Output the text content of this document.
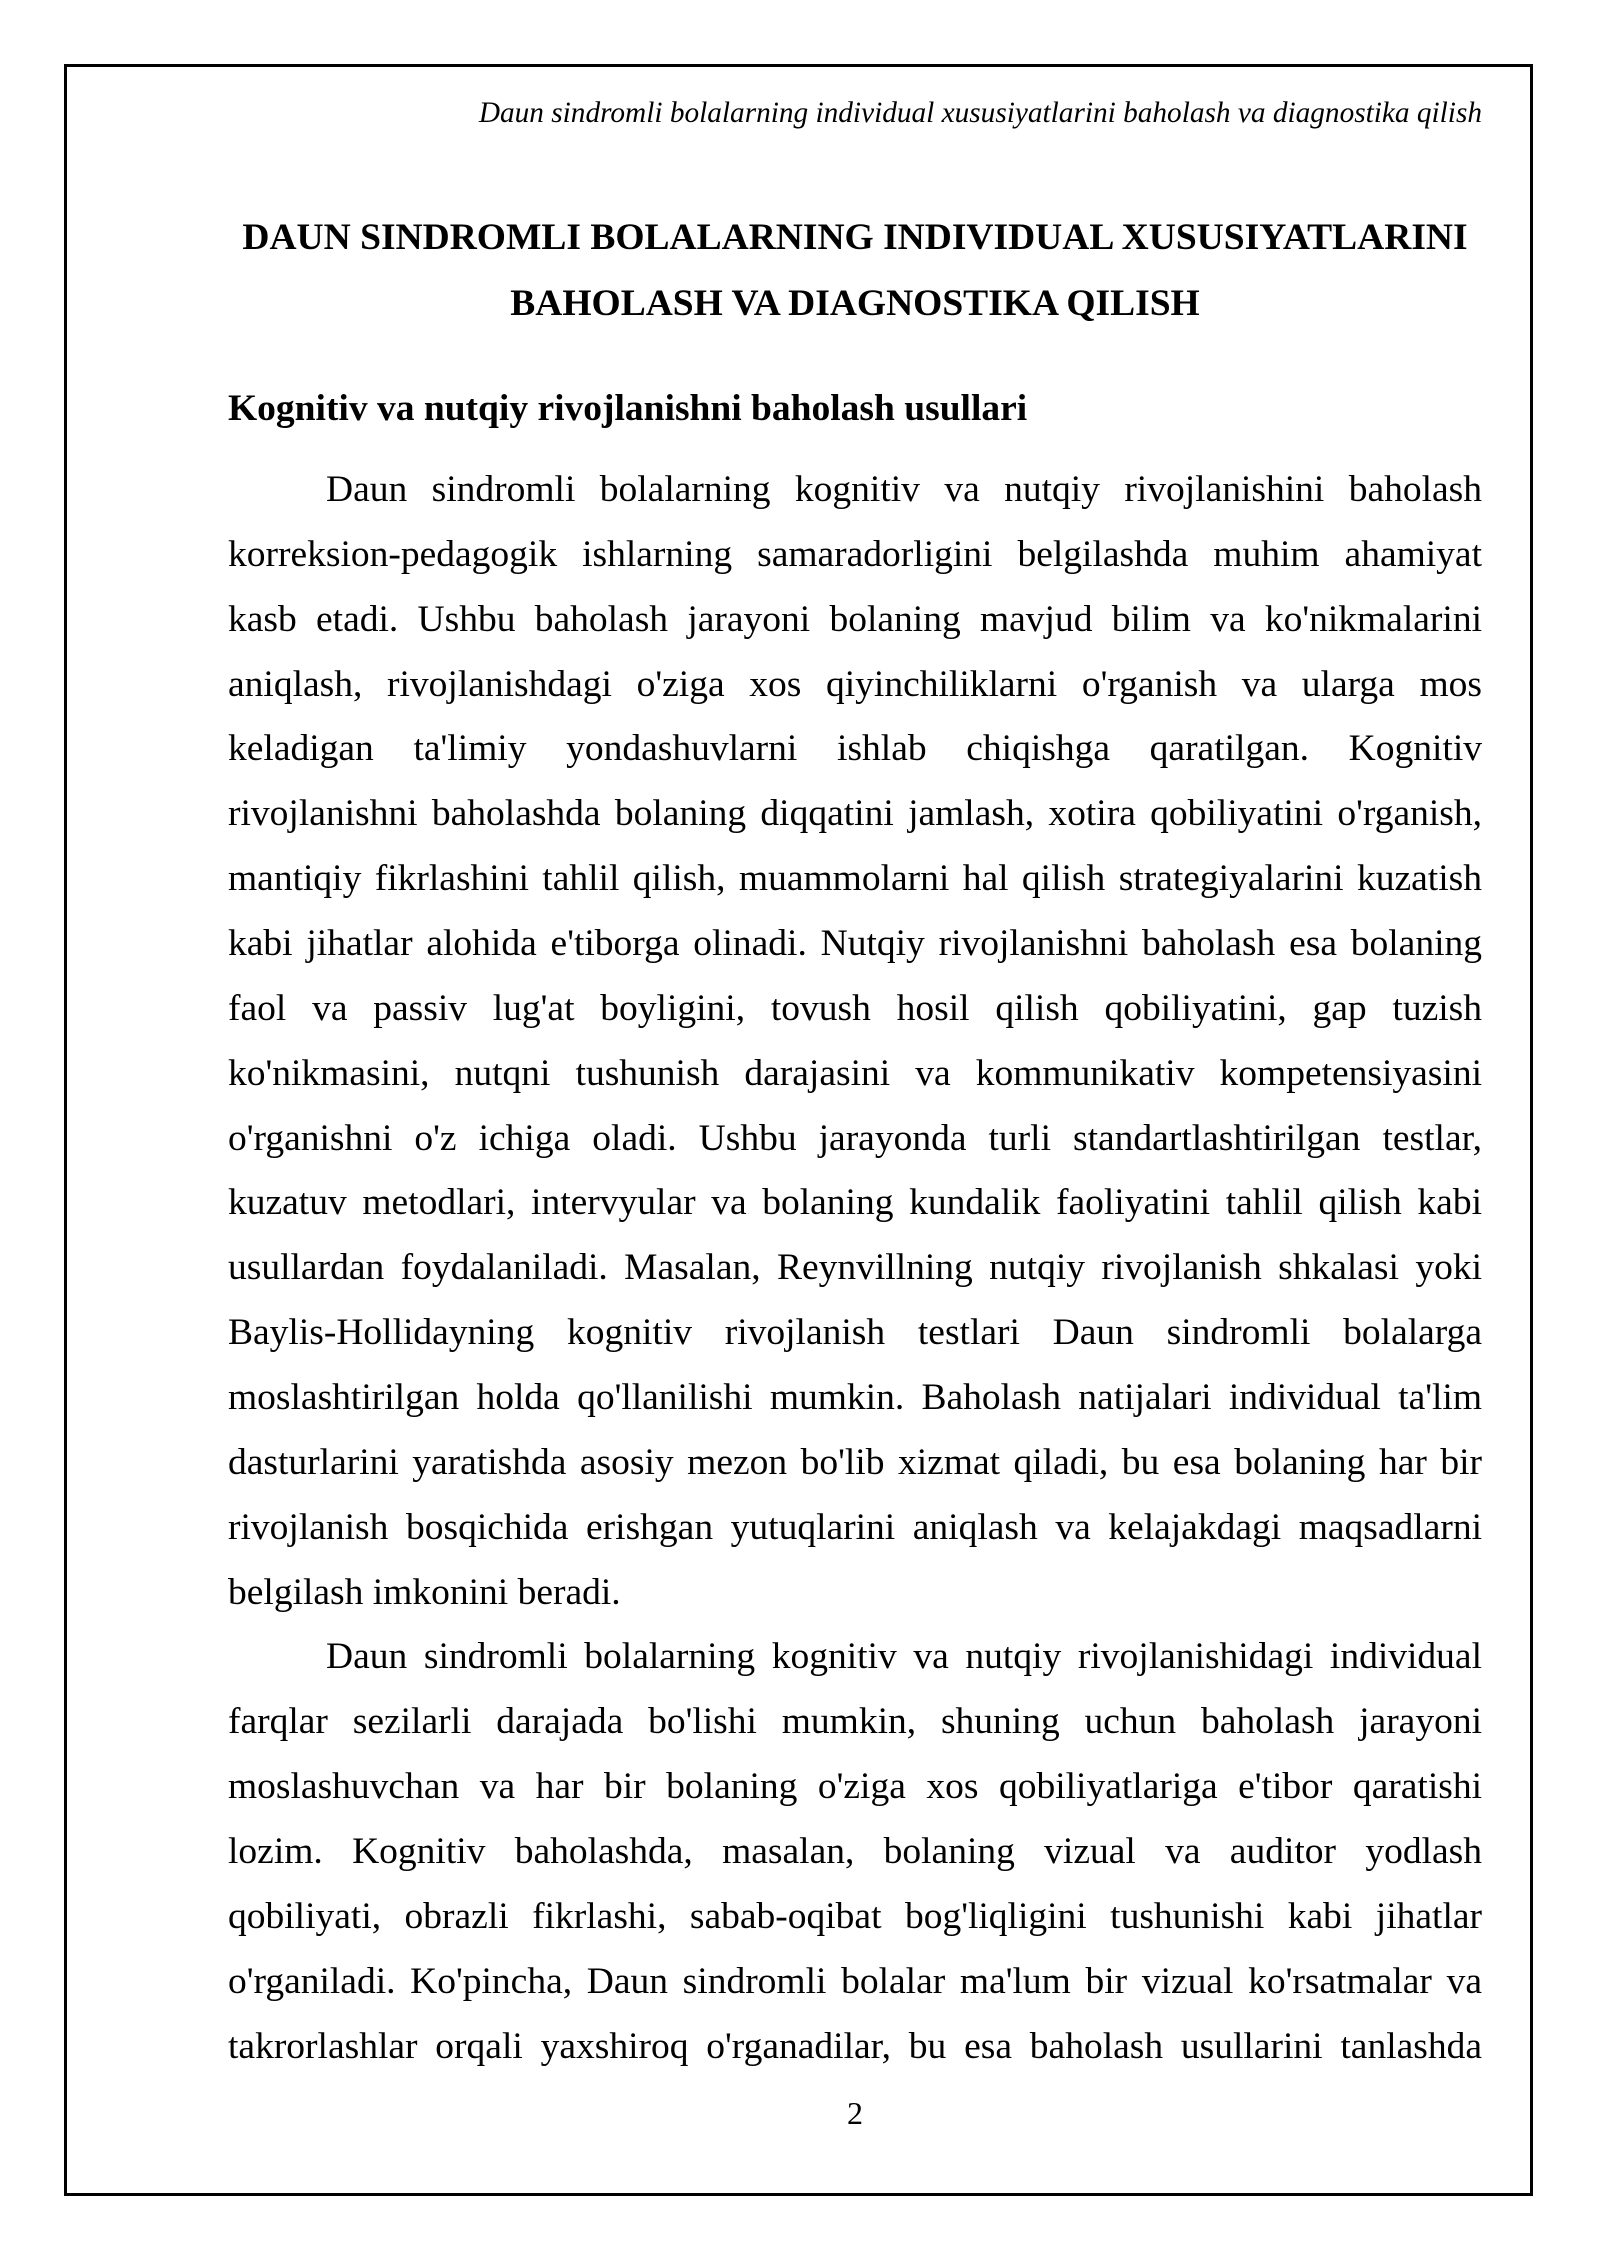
Daun sindromli bolalarning individual xususiyatlarini baholash va diagnostika qilish
DAUN SINDROMLI BOLALARNING INDIVIDUAL XUSUSIYATLARINI
BAHOLASH VA DIAGNOSTIKA QILISH
Kognitiv va nutqiy rivojlanishni baholash usullari
Daun sindromli bolalarning kognitiv va nutqiy rivojlanishini baholash
korreksion-pedagogik ishlarning samaradorligini belgilashda muhim ahamiyat
kasb etadi. Ushbu baholash jarayoni bolaning mavjud bilim va ko'nikmalarini
aniqlash, rivojlanishdagi o'ziga xos qiyinchiliklarni o'rganish va ularga mos
keladigan ta'limiy yondashuvlarni ishlab chiqishga qaratilgan. Kognitiv
rivojlanishni baholashda bolaning diqqatini jamlash, xotira qobiliyatini o'rganish,
mantiqiy fikrlashini tahlil qilish, muammolarni hal qilish strategiyalarini kuzatish
kabi jihatlar alohida e'tiborga olinadi. Nutqiy rivojlanishni baholash esa bolaning
faol va passiv lug'at boyligini, tovush hosil qilish qobiliyatini, gap tuzish
ko'nikmasini, nutqni tushunish darajasini va kommunikativ kompetensiyasini
o'rganishni o'z ichiga oladi. Ushbu jarayonda turli standartlashtirilgan testlar,
kuzatuv metodlari, intervyular va bolaning kundalik faoliyatini tahlil qilish kabi
usullardan foydalaniladi. Masalan, Reynvillning nutqiy rivojlanish shkalasi yoki
Baylis-Hollidayning kognitiv rivojlanish testlari Daun sindromli bolalarga
moslashtirilgan holda qo'llanilishi mumkin. Baholash natijalari individual ta'lim
dasturlarini yaratishda asosiy mezon bo'lib xizmat qiladi, bu esa bolaning har bir
rivojlanish bosqichida erishgan yutuqlarini aniqlash va kelajakdagi maqsadlarni
belgilash imkonini beradi.
Daun sindromli bolalarning kognitiv va nutqiy rivojlanishidagi individual
farqlar sezilarli darajada bo'lishi mumkin, shuning uchun baholash jarayoni
moslashuvchan va har bir bolaning o'ziga xos qobiliyatlariga e'tibor qaratishi
lozim. Kognitiv baholashda, masalan, bolaning vizual va auditor yodlash
qobiliyati, obrazli fikrlashi, sabab-oqibat bog'liqligini tushunishi kabi jihatlar
o'rganiladi. Ko'pincha, Daun sindromli bolalar ma'lum bir vizual ko'rsatmalar va
takrorlashlar orqali yaxshiroq o'rganadilar, bu esa baholash usullarini tanlashda
2
